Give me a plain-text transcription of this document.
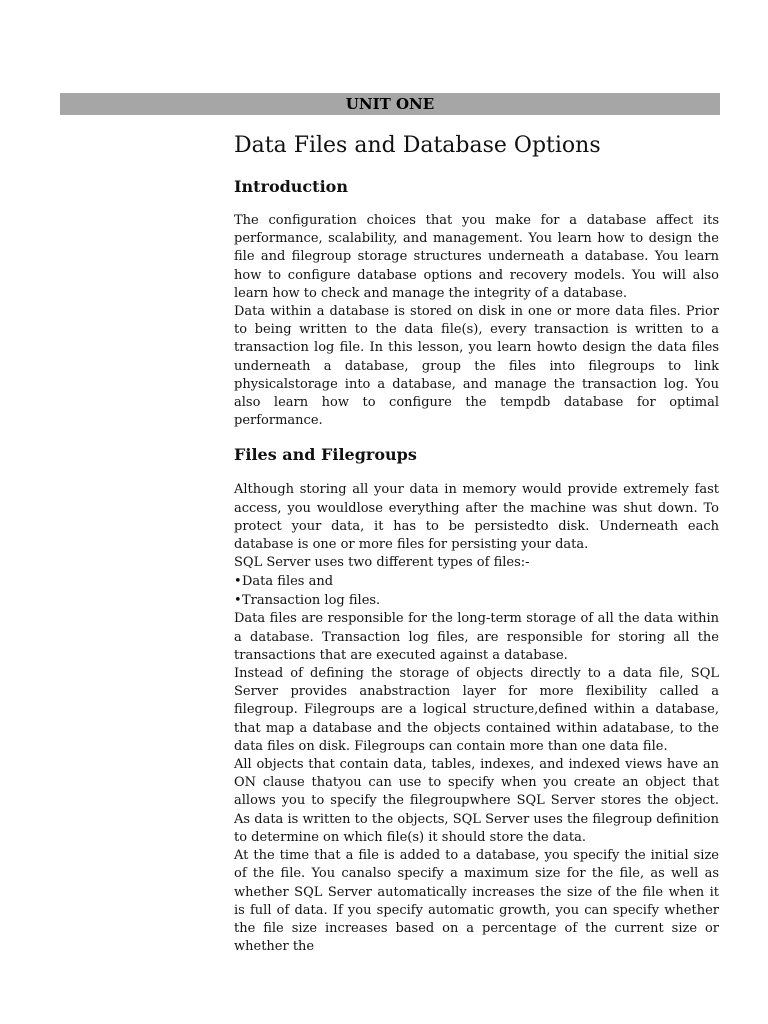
UNIT ONE
Data Files and Database Options
Introduction

The configuration choices that you make for a database affect its performance, scalability, and management. You learn how to design the file and filegroup storage structures underneath a database. You learn how to configure database options and recovery models. You will also learn how to check and manage the integrity of a database.

Data within a database is stored on disk in one or more data files. Prior to being written to the data file(s), every transaction is written to a transaction log file. In this lesson, you learn howto design the data files underneath a database, group the files into filegroups to link physicalstorage into a database, and manage the transaction log. You also learn how to configure the tempdb database for optimal performance.

Files and Filegroups

Although storing all your data in memory would provide extremely fast access, you wouldlose everything after the machine was shut down. To protect your data, it has to be persistedto disk. Underneath each database is one or more files for persisting your data.

SQL Server uses two different types of files:-

• Data files and
• Transaction log files.

Data files are responsible for the long-term storage of all the data within a database. Transaction log files, are responsible for storing all the transactions that are executed against a database.

Instead of defining the storage of objects directly to a data file, SQL Server provides anabstraction layer for more flexibility called a filegroup. Filegroups are a logical structure,defined within a database, that map a database and the objects contained within adatabase, to the data files on disk. Filegroups can contain more than one data file.

All objects that contain data, tables, indexes, and indexed views have an ON clause thatyou can use to specify when you create an object that allows you to specify the filegroupwhere SQL Server stores the object. As data is written to the objects, SQL Server uses the filegroup definition to determine on which file(s) it should store the data.

At the time that a file is added to a database, you specify the initial size of the file. You canalso specify a maximum size for the file, as well as whether SQL Server automatically increases the size of the file when it is full of data. If you specify automatic growth, you can specify whether the file size increases based on a percentage of the current size or whether the
